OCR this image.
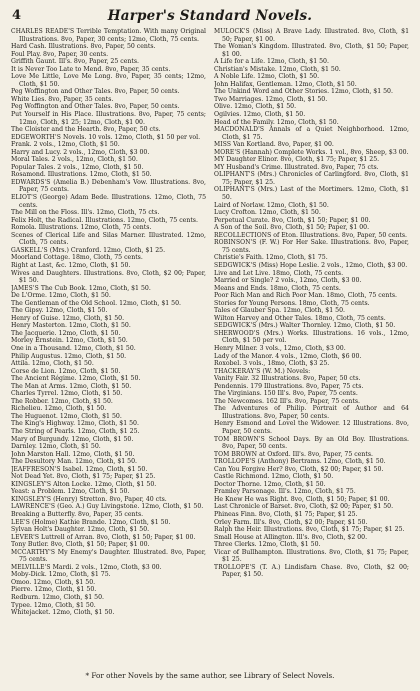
4	Harper's Standard Novels.

CHARLES READE'S Terrible Temptation. With many Original Illustrations. 8vo, Paper, 30 cents; 12mo, Cloth, 75 cents.

Hard Cash. Illustrations. 8vo, Paper, 50 cents.

Foul Play. 8vo, Paper, 30 cents.

Griffith Gaunt. Ill's. 8vo, Paper, 25 cents.

It is Never Too Late to Mend. 8vo, Paper, 35 cents.

Love Me Little, Love Me Long. 8vo, Paper, 35 cents; 12mo, Cloth, $1 50.

Peg Woffington and Other Tales. 8vo, Paper, 50 cents.

White Lies. 8vo, Paper, 35 cents.

Peg Woffington and Other Tales. 8vo, Paper, 50 cents.

Put Yourself in His Place. Illustrations. 8vo, Paper, 75 cents; 12mo, Cloth, $1 25; 12mo, Cloth, $1 00.

The Cloister and the Hearth. 8vo, Paper, 50 cts.

EDGEWORTH'S Novels. 10 vols. 12mo, Cloth, $1 50 per vol.

Frank. 2 vols., 12mo, Cloth, $1 50.

Harry and Lucy. 2 vols., 12mo, Cloth, $3 00.

Moral Tales. 2 vols., 12mo, Cloth, $1 50.

Popular Tales. 2 vols., 12mo, Cloth, $1 50.

Rosamond. Illustrations. 12mo, Cloth, $1 50.

EDWARDS'S (Amelia B.) Debenham's Vow. Illustrations. 8vo, Paper, 75 cents.

ELIOT'S (George) Adam Bede. Illustrations. 12mo, Cloth, 75 cents.

The Mill on the Floss. Ill's. 12mo, Cloth, 75 cts.

Felix Holt, the Radical. Illustrations. 12mo, Cloth, 75 cents.

Romola. Illustrations. 12mo, Cloth, 75 cents.

Scenes of Clerical Life and Silas Marner. Illustrated. 12mo, Cloth, 75 cents.

GASKELL'S (Mrs.) Cranford. 12mo, Cloth, $1 25.

Moorland Cottage. 18mo, Cloth, 75 cents.

Right at Last, &c. 12mo, Cloth, $1 50.

Wives and Daughters. Illustrations. 8vo, Cloth, $2 00; Paper, $1 50.

JAMES'S The Cub Book. 12mo, Cloth, $1 50.

De L'Orme. 12mo, Cloth, $1 50.

The Gentleman of the Old School. 12mo, Cloth, $1 50.

The Gipsy. 12mo, Cloth, $1 50.

Henry of Guise. 12mo, Cloth, $1 50.

Henry Masterton. 12mo, Cloth, $1 50.

The Jacquerie. 12mo, Cloth, $1 50.

Morley Ernstein. 12mo, Cloth, $1 50.

One in a Thousand. 12mo, Cloth, $1 50.

Philip Augustus. 12mo, Cloth, $1 50.

Attila. 12mo, Cloth, $1 50.

Corse de Lion. 12mo, Cloth, $1 50.

The Ancient Régime. 12mo, Cloth, $1 50.

The Man at Arms. 12mo, Cloth, $1 50.

Charles Tyrrel. 12mo, Cloth, $1 50.

The Robber. 12mo, Cloth, $1 50.

Richelieu. 12mo, Cloth, $1 50.

The Huguenot. 12mo, Cloth, $1 50.

The King's Highway. 12mo, Cloth, $1 50.

The String of Pearls. 12mo, Cloth, $1 25.

Mary of Burgundy. 12mo, Cloth, $1 50.

Darnley. 12mo, Cloth, $1 50.

John Marston Hall. 12mo, Cloth, $1 50.

The Desultory Man. 12mo, Cloth, $1 50.

JEAFFRESON'S Isabel. 12mo, Cloth, $1 50.

Not Dead Yet. 8vo, Cloth, $1 75; Paper, $1 25.

KINGSLEY'S Alton Locke. 12mo, Cloth, $1 50.

Yeast: a Problem. 12mo, Cloth, $1 50.

KINGSLEY'S (Henry) Stretton. 8vo, Paper, 40 cts.

LAWRENCE'S (Geo. A.) Guy Livingstone. 12mo, Cloth, $1 50.

Breaking a Butterfly. 8vo, Paper, 35 cents.

LEE'S (Holme) Kathie Brande. 12mo, Cloth, $1 50.

Sylvan Holt's Daughter. 12mo, Cloth, $1 50.

LEVER'S Luttrell of Arran. 8vo, Cloth, $1 50; Paper, $1 00.

Tony Butler. 8vo, Cloth, $1 50; Paper, $1 00.

MCCARTHY'S My Enemy's Daughter. Illustrated. 8vo, Paper, 75 cents.

MELVILLE'S Mardi. 2 vols., 12mo, Cloth, $3 00.

Moby-Dick. 12mo, Cloth, $1 75.

Omoo. 12mo, Cloth, $1 50.

Pierre. 12mo, Cloth, $1 50.

Redburn. 12mo, Cloth, $1 50.

Typee. 12mo, Cloth, $1 50.

Whitejacket. 12mo, Cloth, $1 50.

MULOCK'S (Miss) A Brave Lady. Illustrated. 8vo, Cloth, $1 50; Paper, $1 00.

The Woman's Kingdom. Illustrated. 8vo, Cloth, $1 50; Paper, $1 00.

A Life for a Life. 12mo, Cloth, $1 50.

Christian's Mistake. 12mo, Cloth, $1 50.

A Noble Life. 12mo, Cloth, $1 50.

John Halifax, Gentleman. 12mo, Cloth, $1 50.

The Unkind Word and Other Stories. 12mo, Cloth, $1 50.

Two Marriages. 12mo, Cloth, $1 50.

Olive. 12mo, Cloth, $1 50.

Ogilvies. 12mo, Cloth, $1 50.

Head of the Family. 12mo, Cloth, $1 50.

MACDONALD'S Annals of a Quiet Neighborhood. 12mo, Cloth, $1 75.

MISS Van Kortland. 8vo, Paper, $1 00.

MORE'S (Hannah) Complete Works. 1 vol., 8vo, Sheep, $3 00.

MY Daughter Elinor. 8vo, Cloth, $1 75; Paper, $1 25.

MY Husband's Crime. Illustrated. 8vo, Paper, 75 cts.

OLIPHANT'S (Mrs.) Chronicles of Carlingford. 8vo, Cloth, $1 75; Paper, $1 25.

OLIPHANT'S (Mrs.) Last of the Mortimers. 12mo, Cloth, $1 50.

Laird of Norlaw. 12mo, Cloth, $1 50.

Lucy Crofton. 12mo, Cloth, $1 50.

Perpetual Curate. 8vo, Cloth, $1 50; Paper, $1 00.

A Son of the Soil. 8vo, Cloth, $1 50; Paper, $1 00.

RECOLLECTIONS of Eton. Illustrations. 8vo, Paper, 50 cents.

ROBINSON'S (F. W.) For Her Sake. Illustrations. 8vo, Paper, 75 cents.

Christie's Faith. 12mo, Cloth, $1 75.

SEDGWICK'S (Miss) Hope Leslie. 2 vols., 12mo, Cloth, $3 00.

Live and Let Live. 18mo, Cloth, 75 cents.

Married or Single? 2 vols., 12mo, Cloth, $3 00.

Means and Ends. 18mo, Cloth, 75 cents.

Poor Rich Man and Rich Poor Man. 18mo, Cloth, 75 cents.

Stories for Young Persons. 18mo, Cloth, 75 cents.

Tales of Glauber Spa. 12mo, Cloth, $1 50.

Wilton Harvey and Other Tales. 18mo, Cloth, 75 cents.

SEDGWICK'S (Mrs.) Walter Thornley. 12mo, Cloth, $1 50.

SHERWOOD'S (Mrs.) Works. Illustrations. 16 vols., 12mo, Cloth, $1 50 per vol.

Henry Milner. 3 vols., 12mo, Cloth, $3 00.

Lady of the Manor. 4 vols., 12mo, Cloth, $6 00.

Roxobel. 3 vols., 18mo, Cloth, $3 25.

THACKERAY'S (W. M.) Novels:

Vanity Fair. 32 Illustrations. 8vo, Paper, 50 cts.

Pendennis. 179 Illustrations. 8vo, Paper, 75 cts.

The Virginians. 150 Ill's. 8vo, Paper, 75 cents.

The Newcomes. 162 Ill's. 8vo, Paper, 75 cents.

The Adventures of Philip. Portrait of Author and 64 Illustrations. 8vo, Paper, 50 cents.

Henry Esmond and Lovel the Widower. 12 Illustrations. 8vo, Paper, 50 cents.

TOM BROWN'S School Days. By an Old Boy. Illustrations. 8vo, Paper, 50 cents.

TOM BROWN at Oxford. Ill's. 8vo, Paper, 75 cents.

TROLLOPE'S (Anthony) Bertrams. 12mo, Cloth, $1 50.

Can You Forgive Her? 8vo, Cloth, $2 00; Paper, $1 50.

Castle Richmond. 12mo, Cloth, $1 50.

Doctor Thorne. 12mo, Cloth, $1 50.

Framley Parsonage. Ill's. 12mo, Cloth, $1 75.

He Knew He was Right. 8vo, Cloth, $1 50; Paper, $1 00.

Last Chronicle of Barset. 8vo, Cloth, $2 00; Paper, $1 50.

Phineas Finn. 8vo, Cloth, $1 75; Paper, $1 25.

Orley Farm. Ill's. 8vo, Cloth, $2 00; Paper, $1 50.

Ralph the Heir. Illustrations. 8vo, Cloth, $1 75; Paper, $1 25.

Small House at Allington. Ill's. 8vo, Cloth, $2 00.

Three Clerks. 12mo, Cloth, $1 50.

Vicar of Bullhampton. Illustrations. 8vo, Cloth, $1 75; Paper, $1 25.

TROLLOPE'S (T. A.) Lindisfarn Chase. 8vo, Cloth, $2 00; Paper, $1 50.

* For other Novels by the same author, see Library of Select Novels.
